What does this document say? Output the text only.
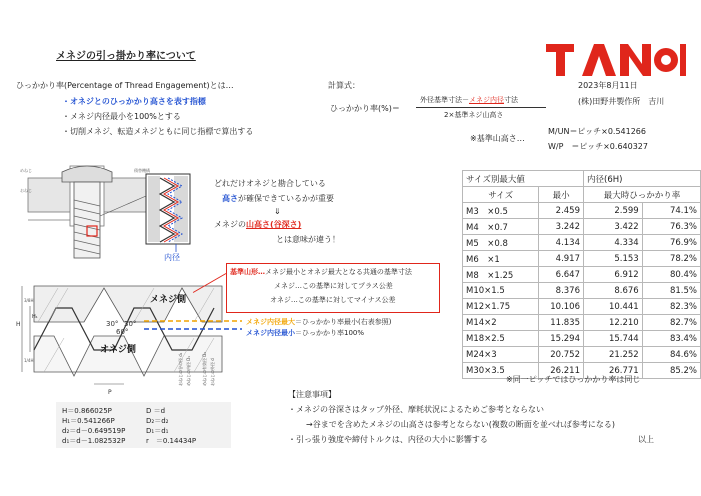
メネジの引っ掛かり率について
2023年8月11日
(株)田野井製作所　吉川
ひっかかり率(Percentage of Thread Engagement)とは…
・オネジとのひっかかり高さを表す指標
・メネジ内径最小を100%とする
・切削メネジ、転造メネジともに同じ指標で算出する
計算式：
ひっかかり率(%)＝
外径基準寸法－メネジ内径寸法
2×基準ネジ山高さ
※基準山高さ…
M/UN＝ピッチ×0.541266
W/P　＝ピッチ×0.640327
めねじ
おねじ
積替機構
内径
どれだけオネジと勘合している
高さが確保できているかが重要
⇓
メネジの山高さ(谷深さ)
とは意味が違う！
H
H₁
3/8H
1/4H
P
30° 30°
60°
メネジ側
オネジ側
おねじの谷の径 d₁ めねじの内径 D₁	めねじの有効径 D₂ おねじの外径 d
メネジ内径最大＝ひっかかり率最小(右表参照)
メネジ内径最小＝ひっかかり率100%
基準山形…メネジ最小とオネジ最大となる共通の基準寸法
メネジ…この基準に対してプラス公差
オネジ…この基準に対してマイナス公差
H＝0.866025P
H₁＝0.541266P
d₂＝d－0.649519P
d₁＝d－1.082532P
D ＝d
D₂＝d₂
D₁＝d₁
r　＝0.14434P
サイズ別最大値		内径(6H)	
サイズ	最小	最大時ひっかかり率	
M3　×0.5	2.459	2.599	74.1%
M4　×0.7	3.242	3.422	76.3%
M5　×0.8	4.134	4.334	76.9%
M6　×1	4.917	5.153	78.2%
M8　×1.25	6.647	6.912	80.4%
M10×1.5	8.376	8.676	81.5%
M12×1.75	10.106	10.441	82.3%
M14×2	11.835	12.210	82.7%
M18×2.5	15.294	15.744	83.4%
M24×3	20.752	21.252	84.6%
M30×3.5	26.211	26.771	85.2%
※同一ピッチではひっかかり率は同じ
【注意事項】
・メネジの谷深さはタップ外径、摩耗状況によるためご参考とならない
→谷までを含めたメネジの山高さは参考とならない(複数の断面を並べれば参考になる)
・引っ張り強度や締付トルクは、内径の大小に影響する	以上
